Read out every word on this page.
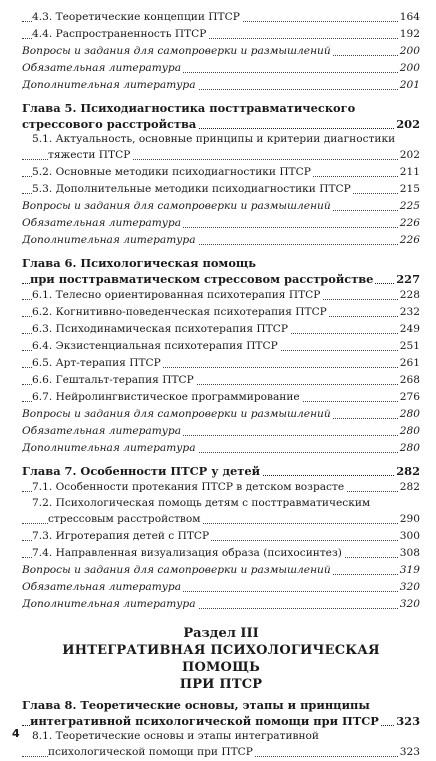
4.3. Теоретические концепции ПТСР	164
4.4. Распространенность ПТСР	192
Вопросы и задания для самопроверки и размышлений	200
Обязательная литература	200
Дополнительная литература	201
Глава 5. Психодиагностика посттравматического
стрессового расстройства	202
5.1. Актуальность, основные принципы и критерии диагностики
тяжести ПТСР	202
5.2. Основные методики психодиагностики ПТСР	211
5.3. Дополнительные методики психодиагностики ПТСР	215
Вопросы и задания для самопроверки и размышлений	225
Обязательная литература	226
Дополнительная литература	226
Глава 6. Психологическая помощь
при посттравматическом стрессовом расстройстве 227
6.1. Телесно ориентированная психотерапия ПТСР	228
6.2. Когнитивно-поведенческая психотерапия ПТСР	232
6.3. Психодинамическая психотерапия ПТСР	249
6.4. Экзистенциальная психотерапия ПТСР	251
6.5. Арт-терапия ПТСР	261
6.6. Гештальт-терапия ПТСР	268
6.7. Нейролингвистическое программирование	276
Вопросы и задания для самопроверки и размышлений	280
Обязательная литература	280
Дополнительная литература	280
Глава 7. Особенности ПТСР у детей	282
7.1. Особенности протекания ПТСР в детском возрасте	282
7.2. Психологическая помощь детям с посттравматическим
стрессовым расстройством	290
7.3. Игротерапия детей с ПТСР	300
7.4. Направленная визуализация образа (психосинтез)	308
Вопросы и задания для самопроверки и размышлений	319
Обязательная литература	320
Дополнительная литература	320
Раздел III
ИНТЕГРАТИВНАЯ ПСИХОЛОГИЧЕСКАЯ ПОМОЩЬ
ПРИ ПТСР
Глава 8. Теоретические основы, этапы и принципы
интегративной психологической помощи при ПТСР 323
8.1. Теоретические основы и этапы интегративной
психологической помощи при ПТСР	323
4
